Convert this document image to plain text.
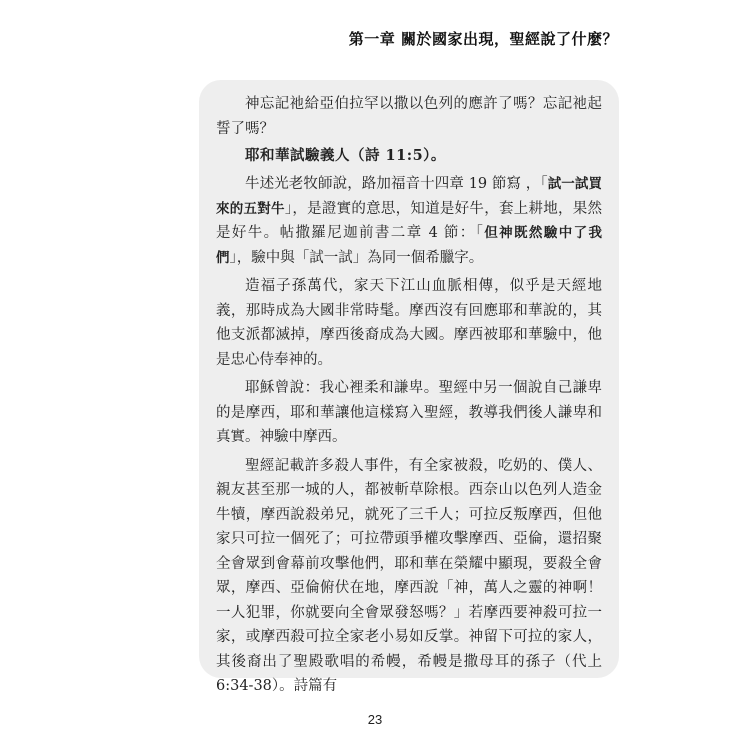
第一章 關於國家出現，聖經說了什麼？

神忘記祂給亞伯拉罕以撒以色列的應許了嗎？忘記祂起誓了嗎？

耶和華試驗義人（詩 11:5）。

牛述光老牧師說，路加福音十四章 19 節寫 ，「試一試買來的五對牛」，是證實的意思，知道是好牛，套上耕地，果然是好牛。帖撒羅尼迦前書二章 4 節：「但神既然驗中了我們」，驗中與「試一試」為同一個希臘字。

造福子孫萬代，家天下江山血脈相傳，似乎是天經地義，那時成為大國非常時髦。摩西沒有回應耶和華說的，其他支派都滅掉，摩西後裔成為大國。摩西被耶和華驗中，他是忠心侍奉神的。

耶穌曾說：我心裡柔和謙卑。聖經中另一個說自己謙卑的是摩西，耶和華讓他這樣寫入聖經，教導我們後人謙卑和真實。神驗中摩西。

聖經記載許多殺人事件，有全家被殺，吃奶的、僕人、親友甚至那一城的人，都被斬草除根。西奈山以色列人造金牛犢，摩西說殺弟兄，就死了三千人；可拉反叛摩西，但他家只可拉一個死了；可拉帶頭爭權攻擊摩西、亞倫，還招聚全會眾到會幕前攻擊他們，耶和華在榮耀中顯現，要殺全會眾，摩西、亞倫俯伏在地，摩西說「神，萬人之靈的神啊！一人犯罪，你就要向全會眾發怒嗎？」若摩西要神殺可拉一家，或摩西殺可拉全家老小易如反掌。神留下可拉的家人，其後裔出了聖殿歌唱的希幔，希幔是撒母耳的孫子（代上 6:34-38）。詩篇有

23
